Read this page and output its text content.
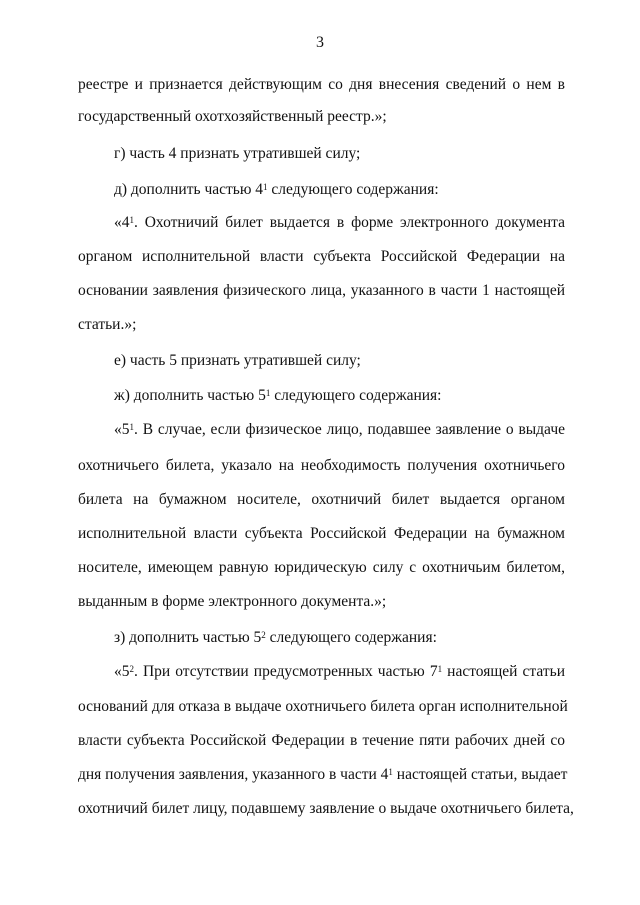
3
реестре и признается действующим со дня внесения сведений о нем в
государственный охотхозяйственный реестр.»;
г) часть 4 признать утратившей силу;
д) дополнить частью $4^1$ следующего содержания:
«$4^1$. Охотничий билет выдается в форме электронного документа
органом исполнительной власти субъекта Российской Федерации на
основании заявления физического лица, указанного в части 1 настоящей
статьи.»;
е) часть 5 признать утратившей силу;
ж) дополнить частью $5^1$ следующего содержания:
«$5^1$. В случае, если физическое лицо, подавшее заявление о выдаче
охотничьего билета, указало на необходимость получения охотничьего
билета на бумажном носителе, охотничий билет выдается органом
исполнительной власти субъекта Российской Федерации на бумажном
носителе, имеющем равную юридическую силу с охотничьим билетом,
выданным в форме электронного документа.»;
з) дополнить частью $5^2$ следующего содержания:
«$5^2$. При отсутствии предусмотренных частью $7^1$ настоящей статьи
оснований для отказа в выдаче охотничьего билета орган исполнительной
власти субъекта Российской Федерации в течение пяти рабочих дней со
дня получения заявления, указанного в части $4^1$ настоящей статьи, выдает
охотничий билет лицу, подавшему заявление о выдаче охотничьего билета,
